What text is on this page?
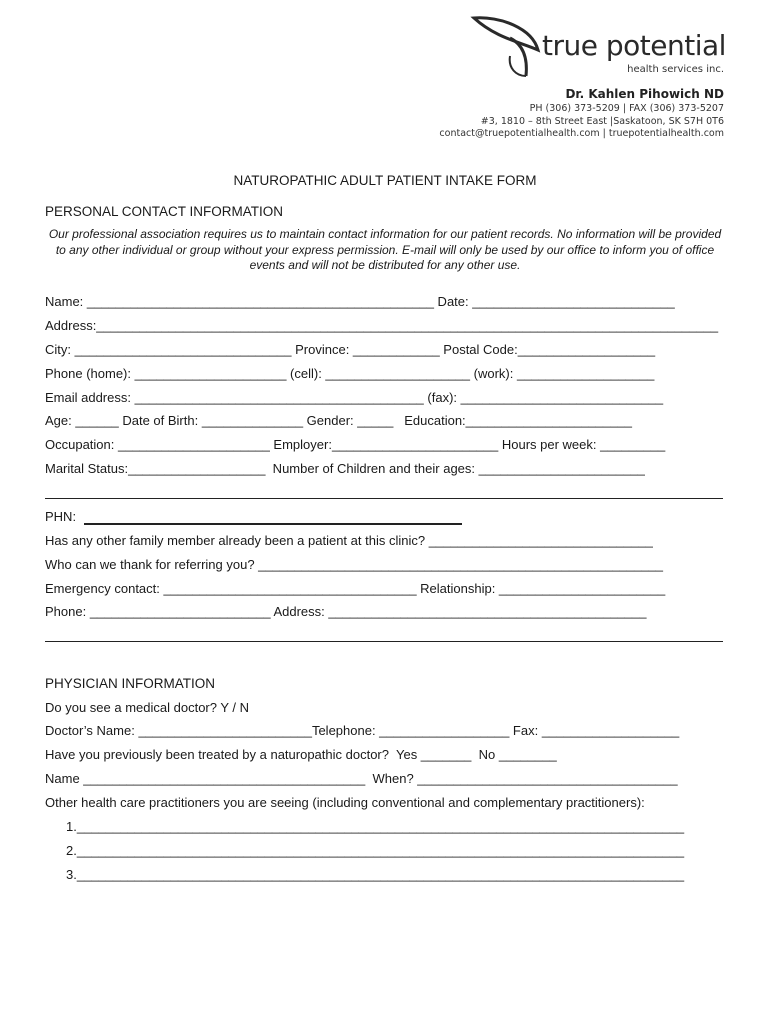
true potential
health services inc.
Dr. Kahlen Pihowich ND
PH (306) 373-5209 | FAX (306) 373-5207
#3, 1810 – 8th Street East |Saskatoon, SK S7H 0T6
contact@truepotentialhealth.com | truepotentialhealth.com
NATUROPATHIC ADULT PATIENT INTAKE FORM
PERSONAL CONTACT INFORMATION
Our professional association requires us to maintain contact information for our patient records. No information will be provided to any other individual or group without your express permission. E-mail will only be used by our office to inform you of office events and will not be distributed for any other use.
Name: ________________________________________________ Date: ____________________________
Address:______________________________________________________________________________________
City: ______________________________ Province: ____________ Postal Code:___________________
Phone (home): _____________________ (cell): ____________________ (work): ___________________
Email address: ________________________________________ (fax): ____________________________
Age: ______ Date of Birth: ______________ Gender: _____   Education:_______________________
Occupation: _____________________ Employer:_______________________ Hours per week: _________
Marital Status:___________________  Number of Children and their ages: _______________________
PHN:
Has any other family member already been a patient at this clinic? _______________________________
Who can we thank for referring you? ________________________________________________________
Emergency contact: ___________________________________ Relationship: _______________________
Phone: _________________________ Address: ____________________________________________
PHYSICIAN INFORMATION
Do you see a medical doctor? Y / N
Doctor’s Name: ________________________Telephone: __________________ Fax: ___________________
Have you previously been treated by a naturopathic doctor?  Yes _______  No ________
Name _______________________________________  When? ____________________________________
Other health care practitioners you are seeing (including conventional and complementary practitioners):
1.____________________________________________________________________________________
2.____________________________________________________________________________________
3.____________________________________________________________________________________
